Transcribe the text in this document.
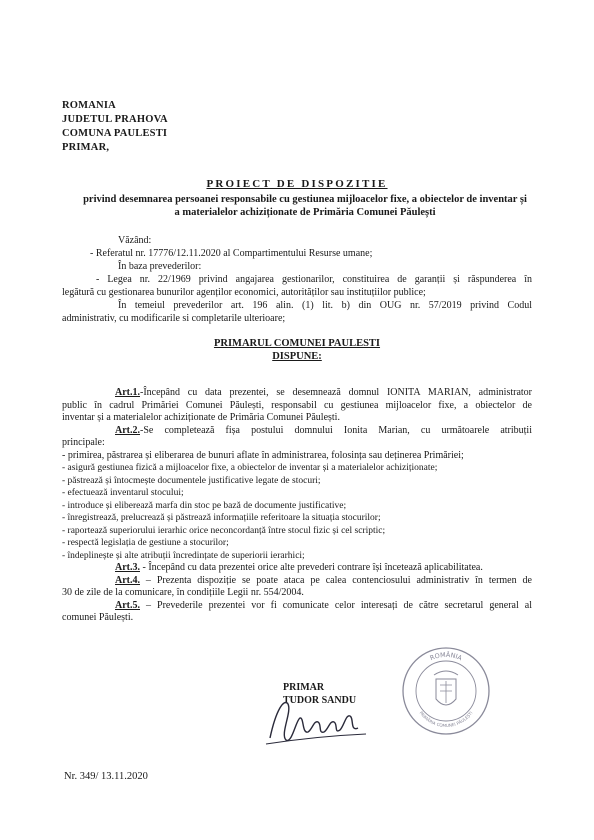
ROMANIA
JUDETUL PRAHOVA
COMUNA PAULESTI
PRIMAR,
PROIECT DE DISPOZITIE
privind desemnarea persoanei responsabile cu gestiunea mijloacelor fixe, a obiectelor de inventar și
a materialelor achiziționate de Primăria Comunei Păulești
Văzând:
- Referatul nr. 17776/12.11.2020 al Compartimentului Resurse umane;
În baza prevederilor:
- Legea nr. 22/1969 privind angajarea gestionarilor, constituirea de garanții și răspunderea în
legătură cu gestionarea bunurilor agenților economici, autorităților sau instituțiilor publice;
În temeiul prevederilor art. 196 alin. (1) lit. b) din OUG nr. 57/2019 privind Codul
administrativ, cu modificarile si completarile ulterioare;
PRIMARUL COMUNEI PAULESTI
DISPUNE:
Art.1.-Începând cu data prezentei, se desemnează domnul IONITA MARIAN, administrator
public în cadrul Primăriei Comunei Păulești, responsabil cu gestiunea mijloacelor fixe, a obiectelor de
inventar și a materialelor achiziționate de Primăria Comunei Păulești.
Art.2.-Se completează fișa postului domnului Ionita Marian, cu următoarele atribuții
principale:
- primirea, păstrarea și eliberarea de bunuri aflate în administrarea, folosința sau deținerea Primăriei;
- asigură gestiunea fizică a mijloacelor fixe, a obiectelor de inventar și a materialelor achiziționate;
- păstrează și întocmește documentele justificative legate de stocuri;
- efectuează inventarul stocului;
- introduce și eliberează marfa din stoc pe bază de documente justificative;
- înregistrează, prelucrează și păstrează informațiile referitoare la situația stocurilor;
- raportează superiorului ierarhic orice neconcordanță între stocul fizic și cel scriptic;
- respectă legislația de gestiune a stocurilor;
- îndeplinește și alte atribuții încredințate de superiorii ierarhici;
Art.3. - Începând cu data prezentei orice alte prevederi contrare își încetează aplicabilitatea.
Art.4. – Prezenta dispoziție se poate ataca pe calea contenciosului administrativ în termen de
30 de zile de la comunicare, în condițiile Legii nr. 554/2004.
Art.5. – Prevederile prezentei vor fi comunicate celor interesați de către secretarul general al
comunei Păulești.
PRIMAR
TUDOR SANDU
ROMÂNIA
PRIMĂRIA COMUNEI PĂULEȘTI
Nr. 349/ 13.11.2020
